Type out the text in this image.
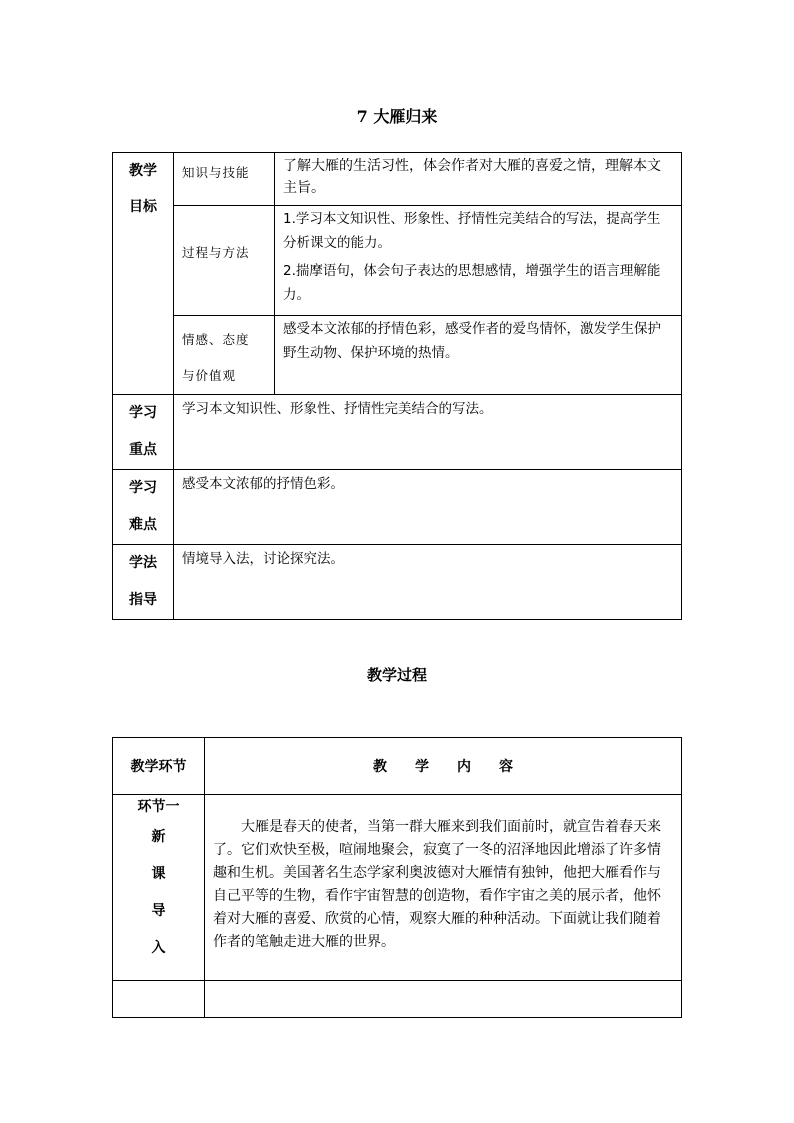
7 大雁归来
教学
目标	知识与技能	了解大雁的生活习性，体会作者对大雁的喜爱之情，理解本文主旨。

	过程与方法	1.学习本文知识性、形象性、抒情性完美结合的写法，提高学生分析课文的能力。
2.揣摩语句，体会句子表达的思想感情，增强学生的语言理解能力。

	情感、态度
与价值观	感受本文浓郁的抒情色彩，感受作者的爱鸟情怀，激发学生保护野生动物、保护环境的热情。

学习
重点	学习本文知识性、形象性、抒情性完美结合的写法。	

学习
难点	感受本文浓郁的抒情色彩。	

学法
指导	情境导入法，讨论探究法。	
教学过程
教学环节	教　　学　　内　　容

环节一
新
课
导
入	大雁是春天的使者，当第一群大雁来到我们面前时，就宣告着春天来了。它们欢快至极，喧闹地聚会，寂寞了一冬的沼泽地因此增添了许多情趣和生机。美国著名生态学家利奥波德对大雁情有独钟，他把大雁看作与自己平等的生物，看作宇宙智慧的创造物，看作宇宙之美的展示者，他怀着对大雁的喜爱、欣赏的心情，观察大雁的种种活动。下面就让我们随着作者的笔触走进大雁的世界。
